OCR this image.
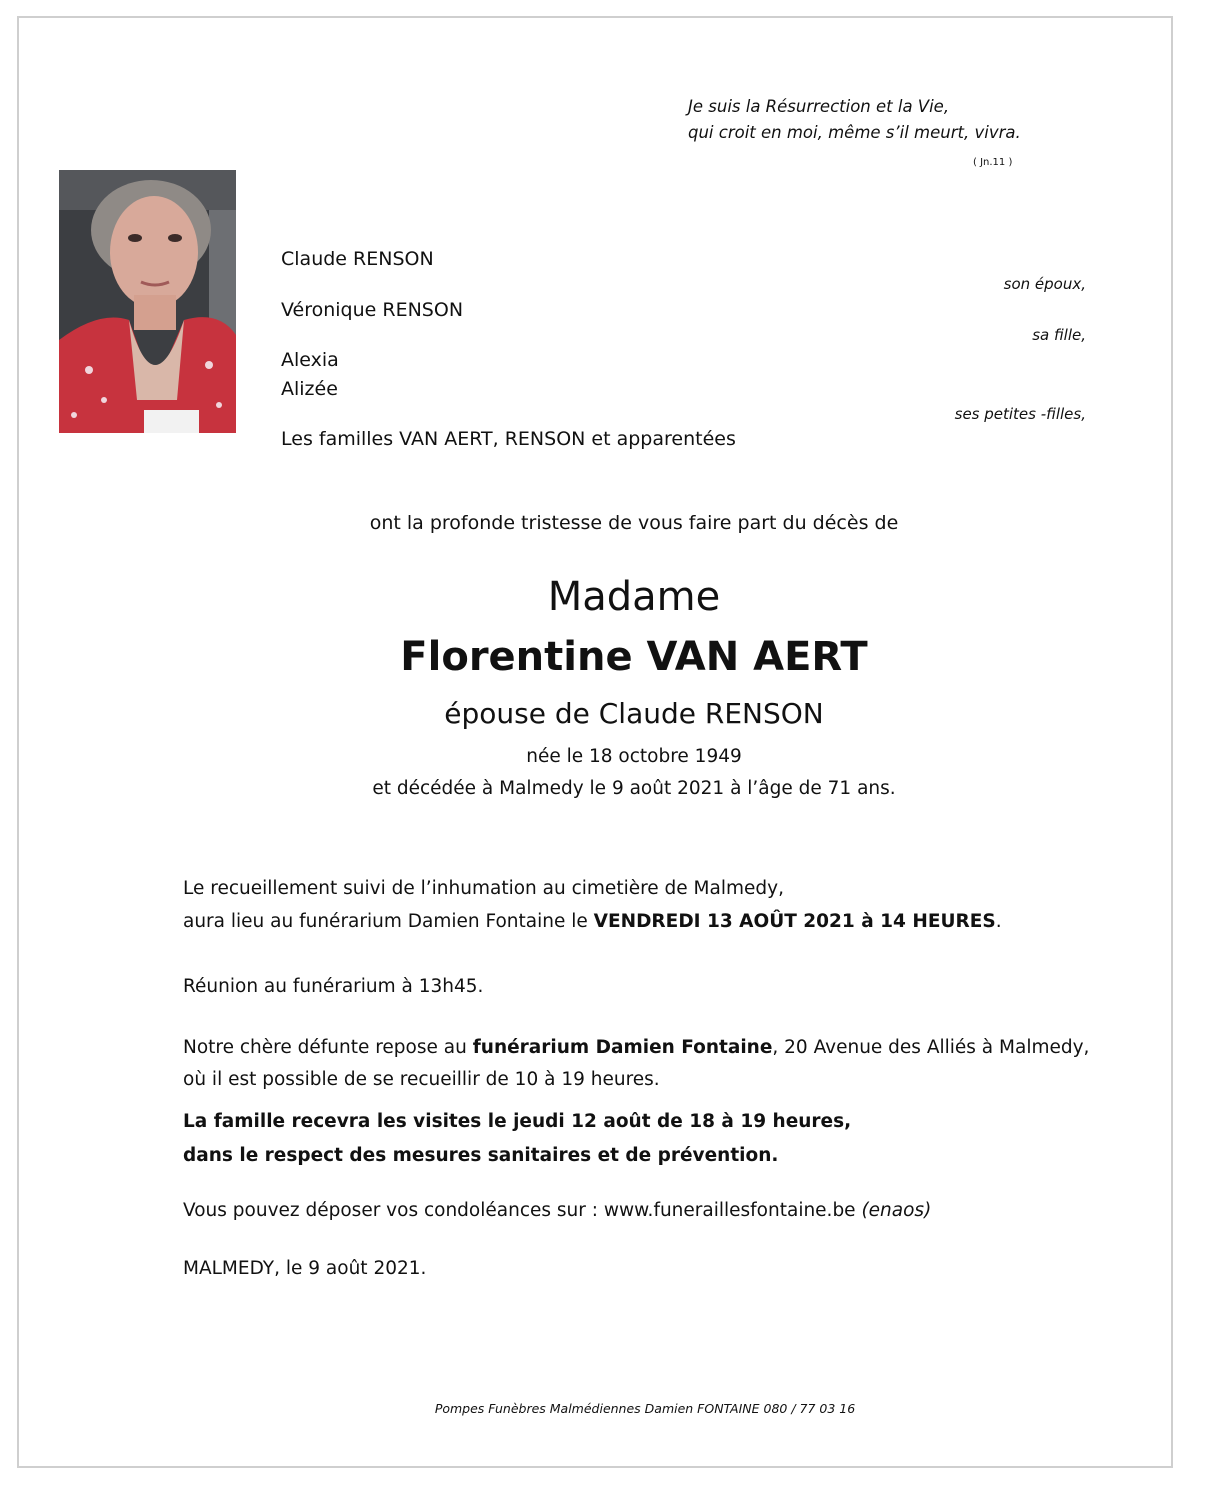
Je suis la Résurrection et la Vie,
qui croit en moi, même s’il meurt, vivra.
( Jn.11 )
Claude RENSON
son époux,
Véronique RENSON
sa fille,
Alexia
Alizée
ses petites -filles,
Les familles VAN AERT, RENSON et apparentées
ont la profonde tristesse de vous faire part du décès de
Madame
Florentine VAN AERT
épouse de Claude RENSON
née le 18 octobre 1949
et décédée à Malmedy le 9 août 2021 à l’âge de 71 ans.
Le recueillement suivi de l’inhumation au cimetière de Malmedy,
aura lieu au funérarium Damien Fontaine le VENDREDI 13 AOÛT 2021 à 14 HEURES.
Réunion au funérarium à 13h45.
Notre chère défunte repose au funérarium Damien Fontaine, 20 Avenue des Alliés à Malmedy,
où il est possible de se recueillir de 10 à 19 heures.
La famille recevra les visites le jeudi 12 août de 18 à 19 heures,
dans le respect des mesures sanitaires et de prévention.
Vous pouvez déposer vos condoléances sur : www.funeraillesfontaine.be (enaos)
MALMEDY, le 9 août 2021.
Pompes Funèbres Malmédiennes Damien FONTAINE 080 / 77 03 16
